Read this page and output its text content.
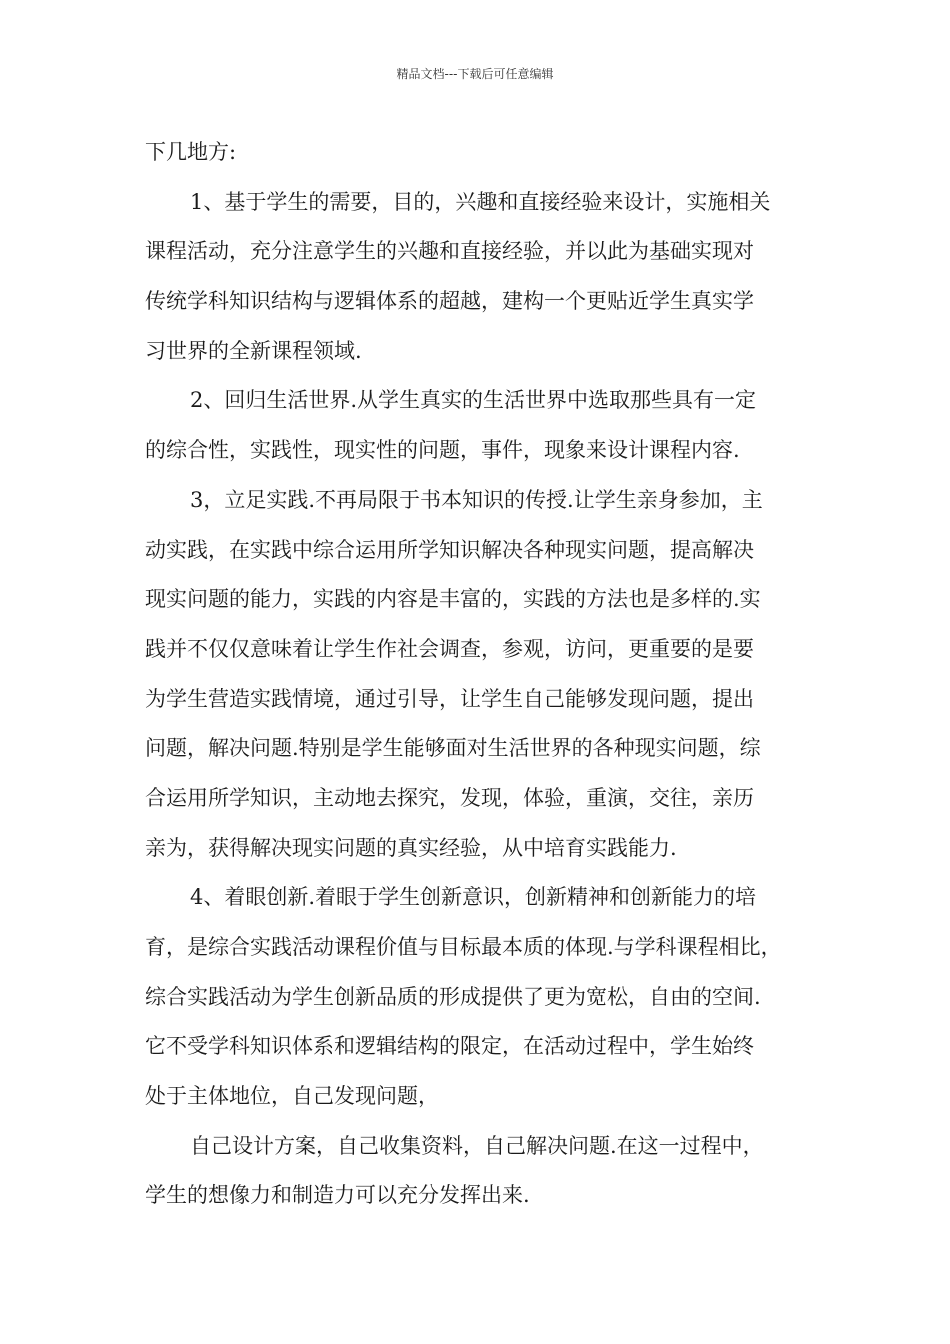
精品文档---下载后可任意编辑
下几地方:
1、基于学生的需要，目的，兴趣和直接经验来设计，实施相关
课程活动，充分注意学生的兴趣和直接经验，并以此为基础实现对
传统学科知识结构与逻辑体系的超越，建构一个更贴近学生真实学
习世界的全新课程领域.
2、回归生活世界.从学生真实的生活世界中选取那些具有一定
的综合性，实践性，现实性的问题，事件，现象来设计课程内容.
3，立足实践.不再局限于书本知识的传授.让学生亲身参加，主
动实践，在实践中综合运用所学知识解决各种现实问题，提高解决
现实问题的能力，实践的内容是丰富的，实践的方法也是多样的.实
践并不仅仅意味着让学生作社会调查，参观，访问，更重要的是要
为学生营造实践情境，通过引导，让学生自己能够发现问题，提出
问题，解决问题.特别是学生能够面对生活世界的各种现实问题，综
合运用所学知识，主动地去探究，发现，体验，重演，交往，亲历
亲为，获得解决现实问题的真实经验，从中培育实践能力.
4、着眼创新.着眼于学生创新意识，创新精神和创新能力的培
育，是综合实践活动课程价值与目标最本质的体现.与学科课程相比，
综合实践活动为学生创新品质的形成提供了更为宽松，自由的空间.
它不受学科知识体系和逻辑结构的限定，在活动过程中，学生始终
处于主体地位，自己发现问题，
自己设计方案，自己收集资料，自己解决问题.在这一过程中，
学生的想像力和制造力可以充分发挥出来.
